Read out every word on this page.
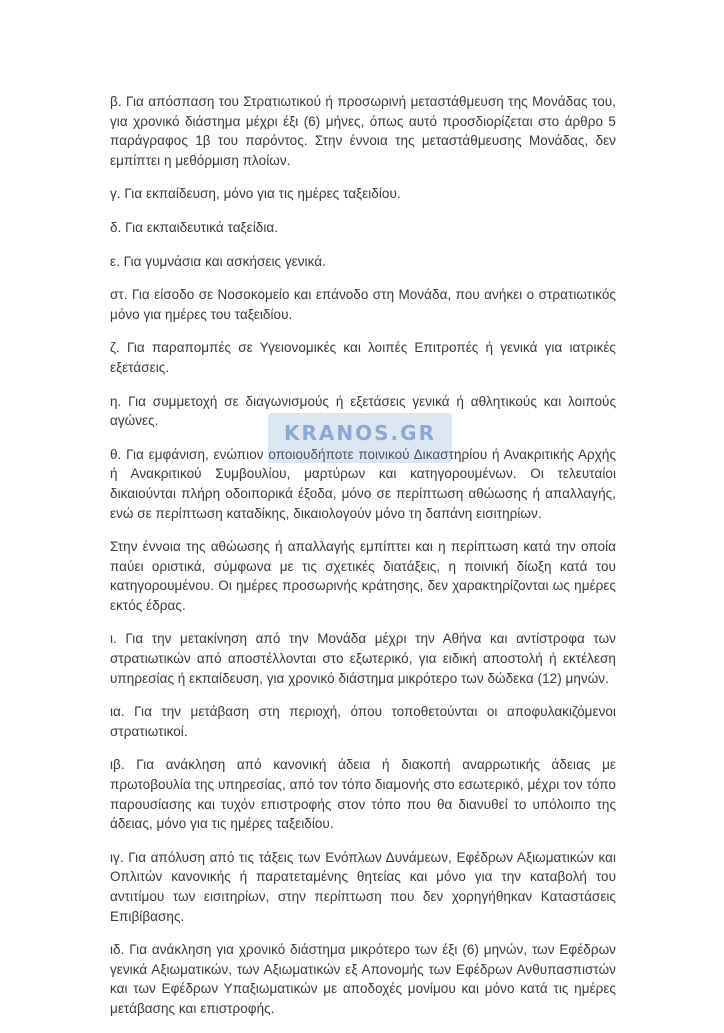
β. Για απόσπαση του Στρατιωτικού ή προσωρινή μεταστάθμευση της Μονάδας του, για χρονικό διάστημα μέχρι έξι (6) μήνες, όπως αυτό προσδιορίζεται στο άρθρο 5 παράγραφος 1β του παρόντος. Στην έννοια της μεταστάθμευσης Μονάδας, δεν εμπίπτει η μεθόρμιση πλοίων.

γ. Για εκπαίδευση, μόνο για τις ημέρες ταξειδίου.

δ. Για εκπαιδευτικά ταξείδια.

ε. Για γυμνάσια και ασκήσεις γενικά.

στ. Για είσοδο σε Νοσοκομείο και επάνοδο στη Μονάδα, που ανήκει ο στρατιωτικός μόνο για ημέρες του ταξειδίου.

ζ. Για παραπομπές σε Υγειονομικές και λοιπές Επιτροπές ή γενικά για ιατρικές εξετάσεις.

η. Για συμμετοχή σε διαγωνισμούς ή εξετάσεις γενικά ή αθλητικούς και λοιπούς αγώνες.

θ. Για εμφάνιση, ενώπιον οποιουδήποτε ποινικού Δικαστηρίου ή Ανακριτικής Αρχής ή Ανακριτικού Συμβουλίου, μαρτύρων και κατηγορουμένων. Οι τελευταίοι δικαιούνται πλήρη οδοιπορικά έξοδα, μόνο σε περίπτωση αθώωσης ή απαλλαγής, ενώ σε περίπτωση καταδίκης, δικαιολογούν μόνο τη δαπάνη εισιτηρίων.

Στην έννοια της αθώωσης ή απαλλαγής εμπίπτει και η περίπτωση κατά την οποία παύει οριστικά, σύμφωνα με τις σχετικές διατάξεις, η ποινική δίωξη κατά του κατηγορουμένου. Οι ημέρες προσωρινής κράτησης, δεν χαρακτηρίζονται ως ημέρες εκτός έδρας.

ι. Για την μετακίνηση από την Μονάδα μέχρι την Αθήνα και αντίστροφα των στρατιωτικών από αποστέλλονται στο εξωτερικό, για ειδική αποστολή ή εκτέλεση υπηρεσίας ή εκπαίδευση, για χρονικό διάστημα μικρότερο των δώδεκα (12) μηνών.

ια. Για την μετάβαση στη περιοχή, όπου τοποθετούνται οι αποφυλακιζόμενοι στρατιωτικοί.

ιβ. Για ανάκληση από κανονική άδεια ή διακοπή αναρρωτικής άδειας με πρωτοβουλία της υπηρεσίας, από τον τόπο διαμονής στο εσωτερικό, μέχρι τον τόπο παρουσίασης και τυχόν επιστροφής στον τόπο που θα διανυθεί το υπόλοιπο της άδειας, μόνο για τις ημέρες ταξειδίου.

ιγ. Για απόλυση από τις τάξεις των Ενόπλων Δυνάμεων, Εφέδρων Αξιωματικών και Οπλιτών κανονικής ή παρατεταμένης θητείας και μόνο για την καταβολή του αντιτίμου των εισιτηρίων, στην περίπτωση που δεν χορηγήθηκαν Καταστάσεις Επιβίβασης.

ιδ. Για ανάκληση για χρονικό διάστημα μικρότερο των έξι (6) μηνών, των Εφέδρων γενικά Αξιωματικών, των Αξιωματικών εξ Απονομής των Εφέδρων Ανθυπασπιστών και των Εφέδρων Υπαξιωματικών με αποδοχές μονίμου και μόνο κατά τις ημέρες μετάβασης και επιστροφής.

KRANOS.GR
